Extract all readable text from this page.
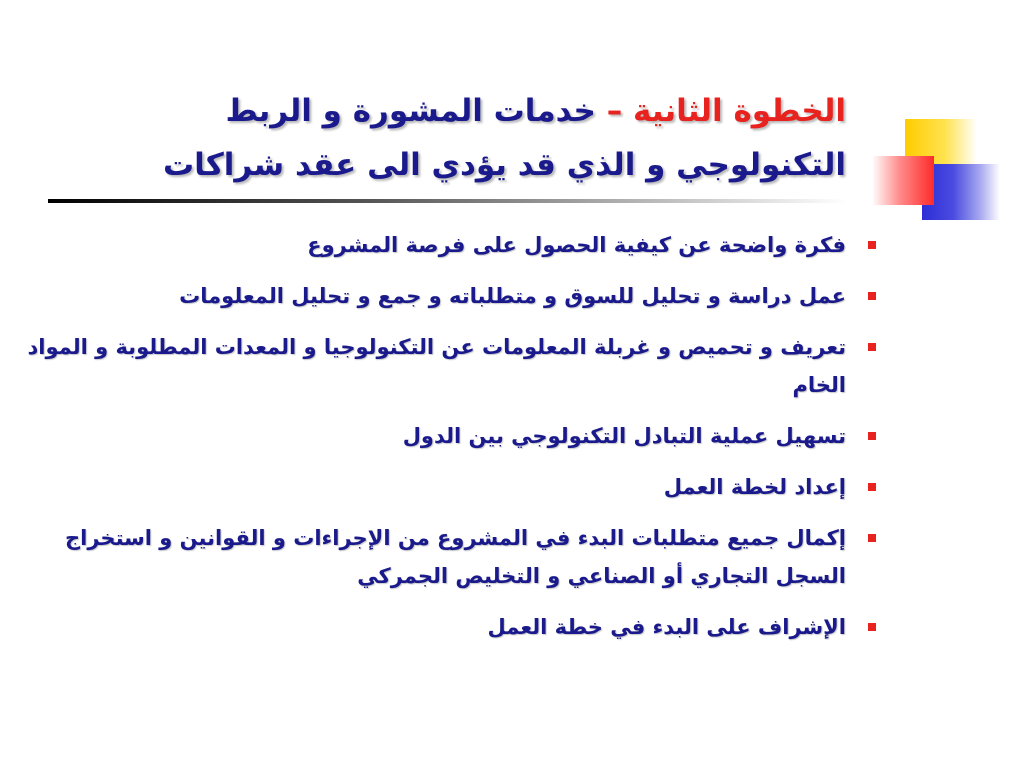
الخطوة الثانية – خدمات المشورة و الربط
التكنولوجي و الذي قد يؤدي الى عقد شراكات
فكرة واضحة عن كيفية الحصول على فرصة المشروع
عمل دراسة و تحليل للسوق و متطلباته و جمع و تحليل المعلومات
تعريف و تحميص و غربلة المعلومات عن التكنولوجيا و المعدات المطلوبة و المواد الخام
تسهيل عملية التبادل التكنولوجي بين الدول
إعداد لخطة العمل
إكمال جميع متطلبات البدء في المشروع من الإجراءات و القوانين و استخراج السجل التجاري أو الصناعي و التخليص الجمركي
الإشراف على البدء في خطة العمل
